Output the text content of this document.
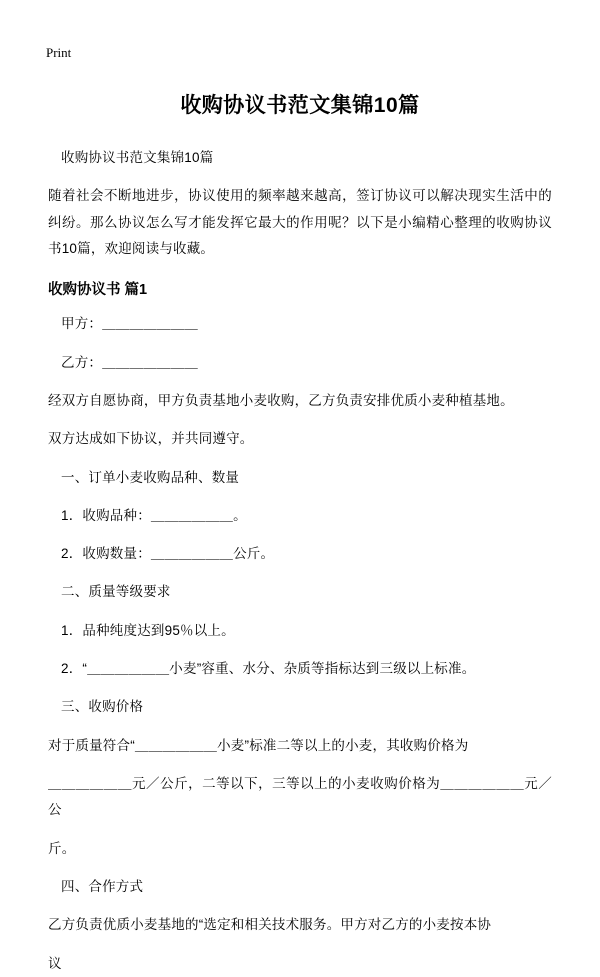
Print
收购协议书范文集锦10篇

收购协议书范文集锦10篇

随着社会不断地进步，协议使用的频率越来越高，签订协议可以解决现实生活中的纠纷。那么协议怎么写才能发挥它最大的作用呢？以下是小编精心整理的收购协议书10篇，欢迎阅读与收藏。

收购协议书 篇1

甲方：＿＿＿＿＿＿＿

乙方：＿＿＿＿＿＿＿

经双方自愿协商，甲方负责基地小麦收购，乙方负责安排优质小麦种植基地。

双方达成如下协议，并共同遵守。

一、订单小麦收购品种、数量

1．收购品种：＿＿＿＿＿＿。

2．收购数量：＿＿＿＿＿＿公斤。

二、质量等级要求

1．品种纯度达到95％以上。

2．“＿＿＿＿＿＿小麦”容重、水分、杂质等指标达到三级以上标准。

三、收购价格

对于质量符合“＿＿＿＿＿＿小麦”标准二等以上的小麦，其收购价格为

＿＿＿＿＿＿元／公斤，二等以下，三等以上的小麦收购价格为＿＿＿＿＿＿元／公

斤。

四、合作方式

乙方负责优质小麦基地的“选定和相关技术服务。甲方对乙方的小麦按本协

议
